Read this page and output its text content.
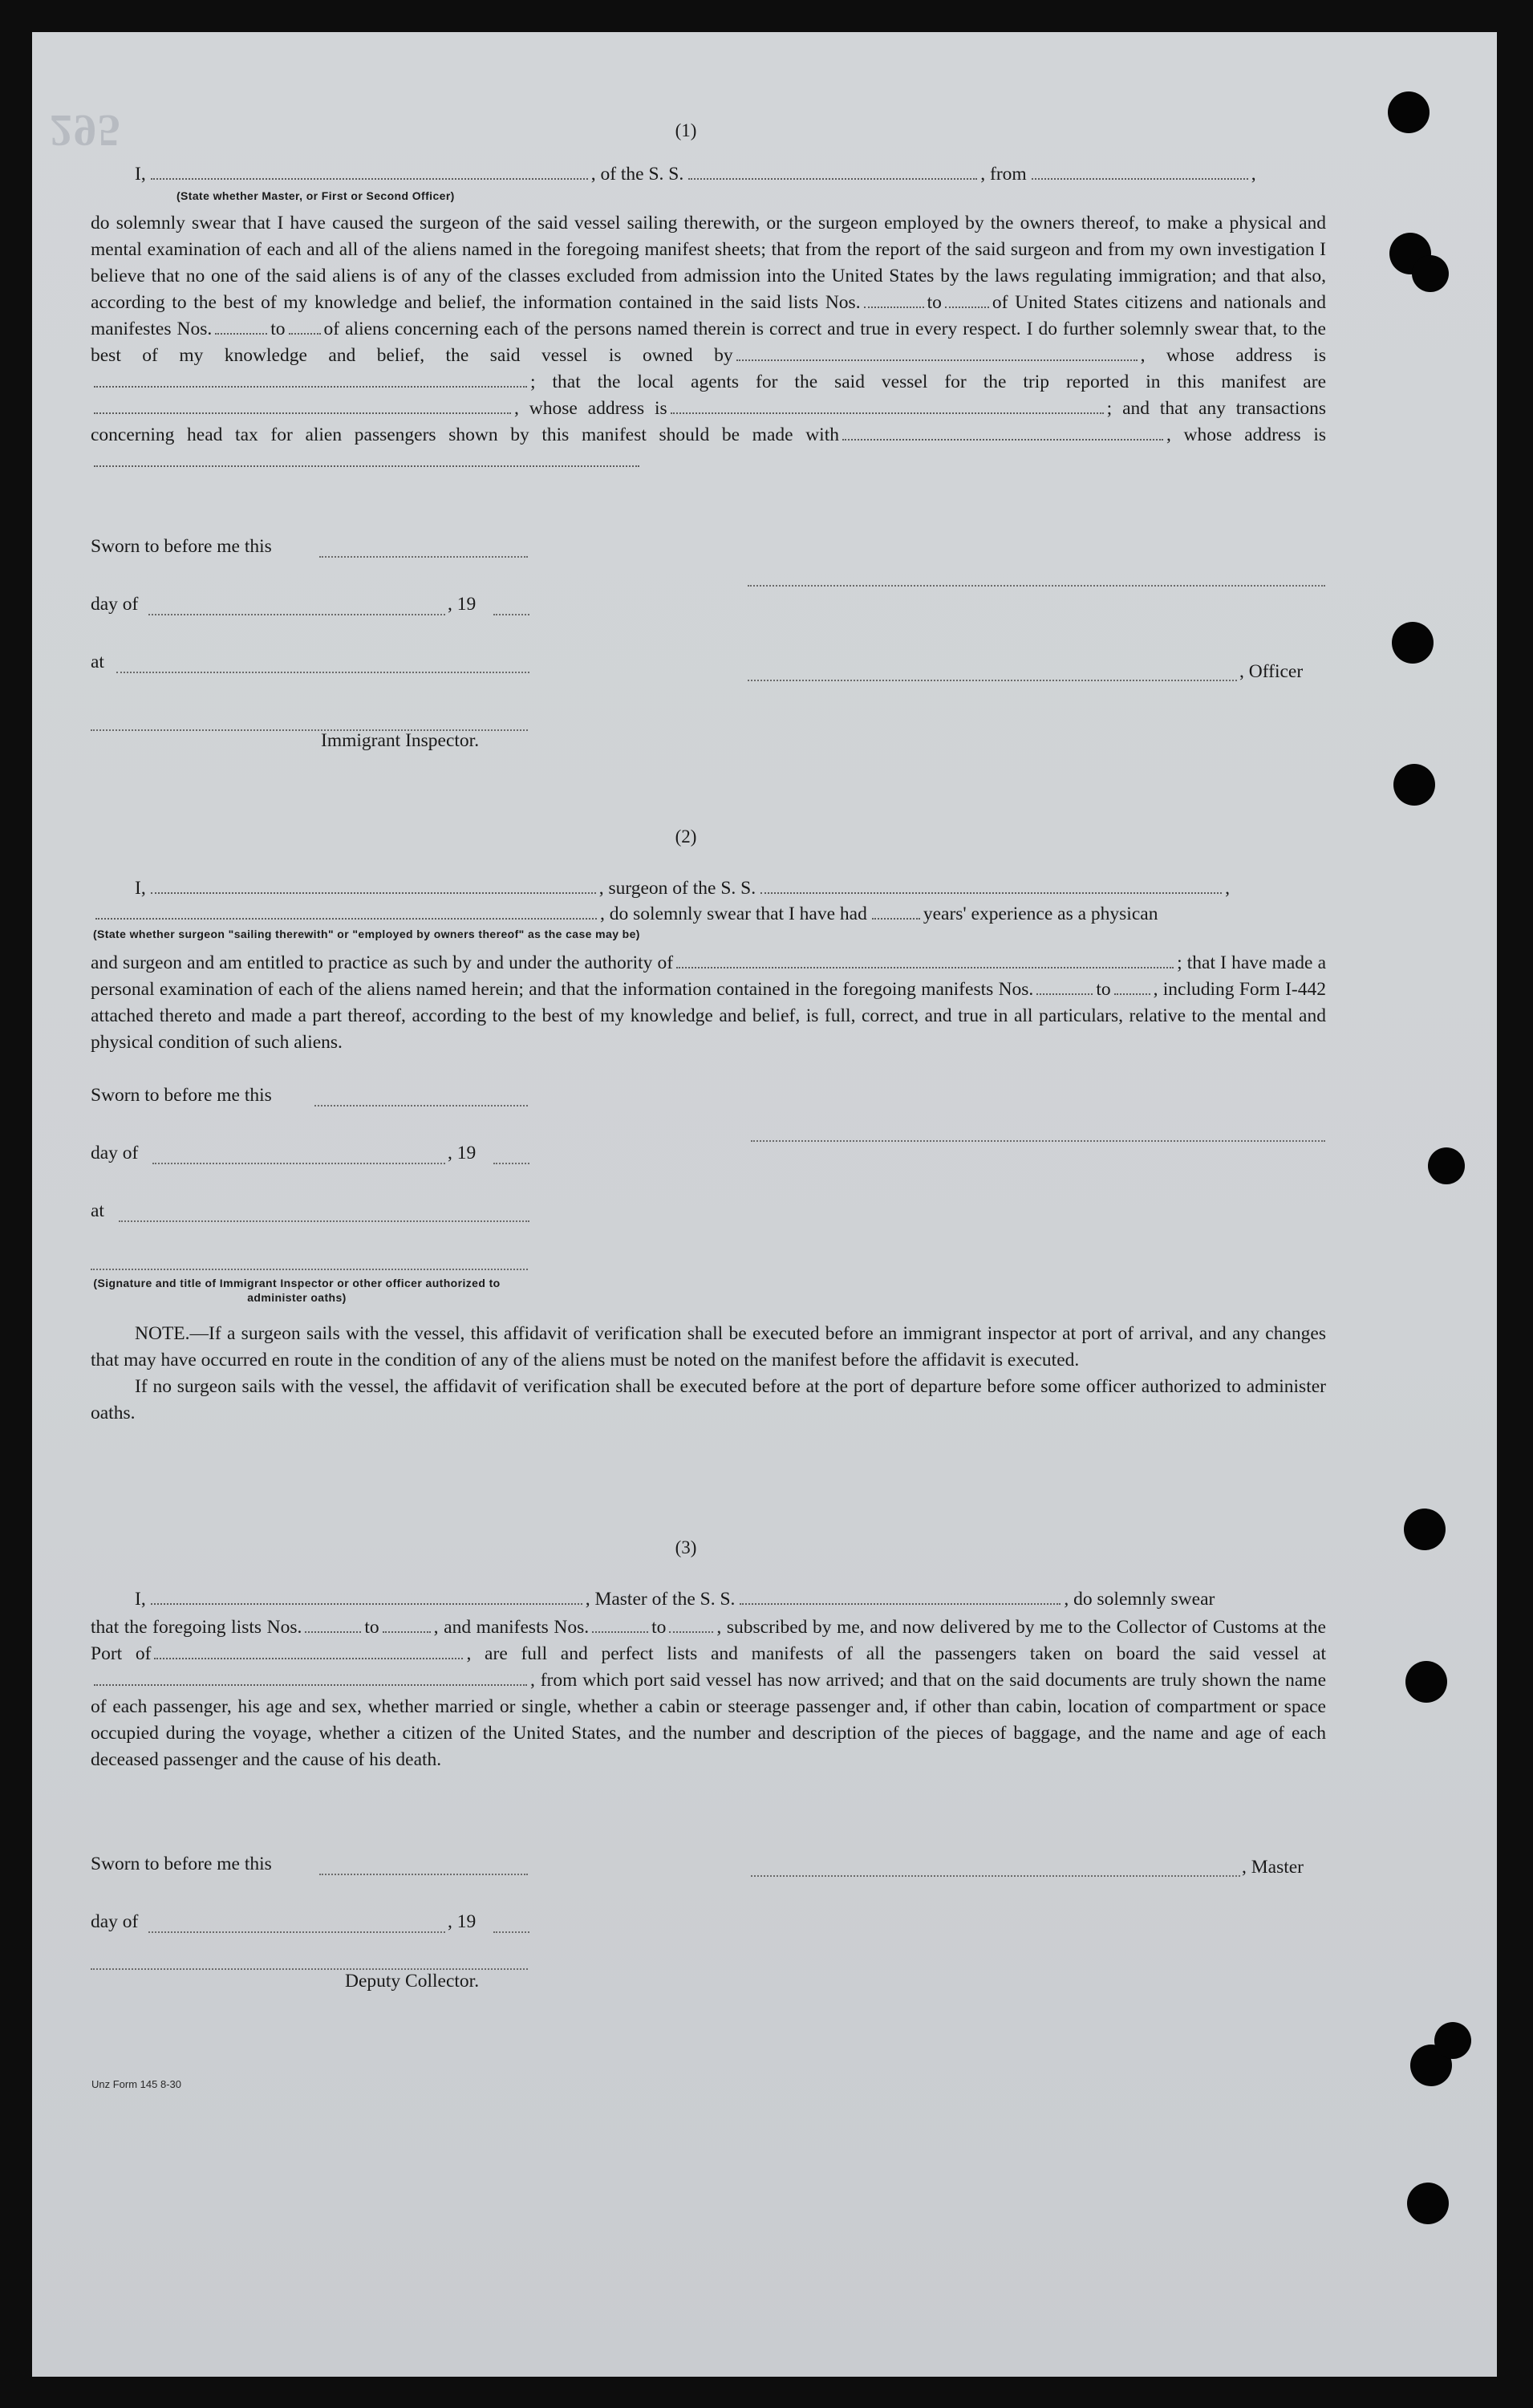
295	(1)
I,	, of the S. S.	, from	,
(State whether Master, or First or Second Officer)
do solemnly swear that I have caused the surgeon of the said vessel sailing therewith, or the surgeon employed by the owners thereof, to make a physical and mental examination of each and all of the aliens named in the foregoing manifest sheets; that from the report of the said surgeon and from my own investigation I believe that no one of the said aliens is of any of the classes excluded from admission into the United States by the laws regulating immigration; and that also, according to the best of my knowledge and belief, the information contained in the said lists Nos.	to	of United States citizens and nationals and manifestes Nos.	to of aliens concerning each of the persons named therein is correct and true in every respect. I do further solemnly swear that, to the best of my knowledge and belief, the said vessel is owned by	, whose address is; that the local agents for the said vessel for the trip reported in this manifest are, whose address is	; and that any transactions concerning head tax for alien passengers shown by this manifest should be made with	, whose address is
Sworn to before me this
day of	, 19
at	, Officer
Immigrant Inspector.
(2)
I,	, surgeon of the S. S.	,
, do solemnly swear that I have had	years' experience as a physican
(State whether surgeon "sailing therewith" or "employed by owners thereof" as the case may be)
and surgeon and am entitled to practice as such by and under the authority of	; that I have made a personal examination of each of the aliens named herein; and that the information contained in the foregoing manifests Nos.	to , including Form I-442 attached thereto and made a part thereof, according to the best of my knowledge and belief, is full, correct, and true in all particulars, relative to the mental and physical condition of such aliens.
Sworn to before me this
day of	, 19
at
(Signature and title of Immigrant Inspector or other officer authorized to administer oaths)

NOTE.—If a surgeon sails with the vessel, this affidavit of verification shall be executed before an immigrant inspector at port of arrival, and any changes that may have occurred en route in the condition of any of the aliens must be noted on the manifest before the affidavit is executed.

If no surgeon sails with the vessel, the affidavit of verification shall be executed before at the port of departure before some officer authorized to administer oaths.

(3)
I,	, Master of the S. S.	, do solemnly swear
that the foregoing lists Nos.	to	, and manifests Nos.	to	, subscribed by me, and now delivered by me to the Collector of Customs at the Port of	, are full and perfect lists and manifests of all the passengers taken on board the said vessel at, from which port said vessel has now arrived; and that on the said documents are truly shown the name of each passenger, his age and sex, whether married or single, whether a cabin or steerage passenger and, if other than cabin, location of compartment or space occupied during the voyage, whether a citizen of the United States, and the number and description of the pieces of baggage, and the name and age of each deceased passenger and the cause of his death.
Sworn to before me this	, Master
day of	, 19
Deputy Collector.
Unz Form 145 8-30
